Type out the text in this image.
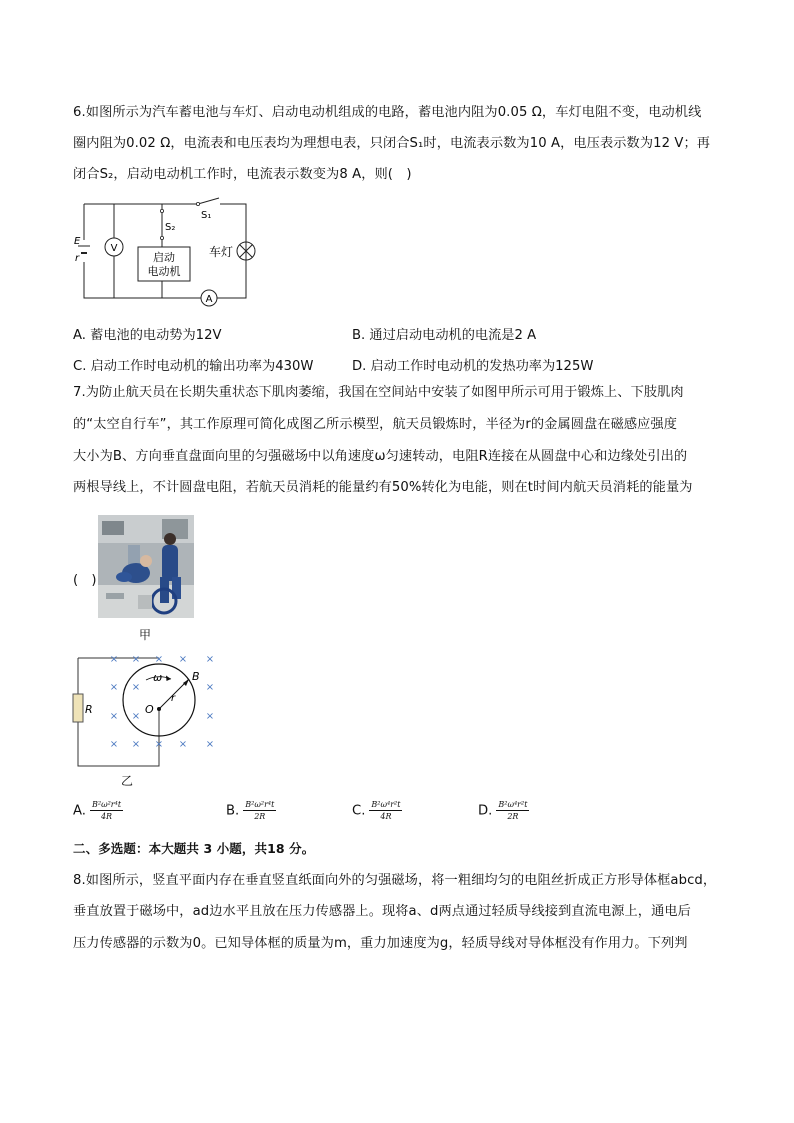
6.如图所示为汽车蓄电池与车灯、启动电动机组成的电路，蓄电池内阻为0.05 Ω，车灯电阻不变，电动机线
圈内阻为0.02 Ω，电流表和电压表均为理想电表，只闭合S₁时，电流表示数为10 A，电压表示数为12 V；再
闭合S₂，启动电动机工作时，电流表示数变为8 A，则(　)
S₁
S₂
E
r
V
A
启动
电动机
车灯
A. 蓄电池的电动势为12V	B. 通过启动电动机的电流是2 A
C. 启动工作时电动机的输出功率为430W	D. 启动工作时电动机的发热功率为125W
7.为防止航天员在长期失重状态下肌肉萎缩，我国在空间站中安装了如图甲所示可用于锻炼上、下肢肌肉
的“太空自行车”，其工作原理可简化成图乙所示模型，航天员锻炼时，半径为r的金属圆盘在磁感应强度
大小为B、方向垂直盘面向里的匀强磁场中以角速度ω匀速转动，电阻R连接在从圆盘中心和边缘处引出的
两根导线上，不计圆盘电阻，若航天员消耗的能量约有50%转化为电能，则在t时间内航天员消耗的能量为
(　)
甲
× × × × ×
× ×	×
× ×	×
× × × × ×
ω	B
O
r
R
乙
A. $\frac{\text{B²ω²r⁴t}}{4R}$	B. $\frac{\text{B²ω²r⁴t}}{2R}$	C. $\frac{\text{B²ω⁴r²t}}{4R}$	D. $\frac{\text{B²ω⁴r²t}}{2R}$
二、多选题：本大题共 3 小题，共18 分。
8.如图所示，竖直平面内存在垂直竖直纸面向外的匀强磁场，将一粗细均匀的电阻丝折成正方形导体框abcd，
垂直放置于磁场中，ad边水平且放在压力传感器上。现将a、d两点通过轻质导线接到直流电源上，通电后
压力传感器的示数为0。已知导体框的质量为m，重力加速度为g，轻质导线对导体框没有作用力。下列判
